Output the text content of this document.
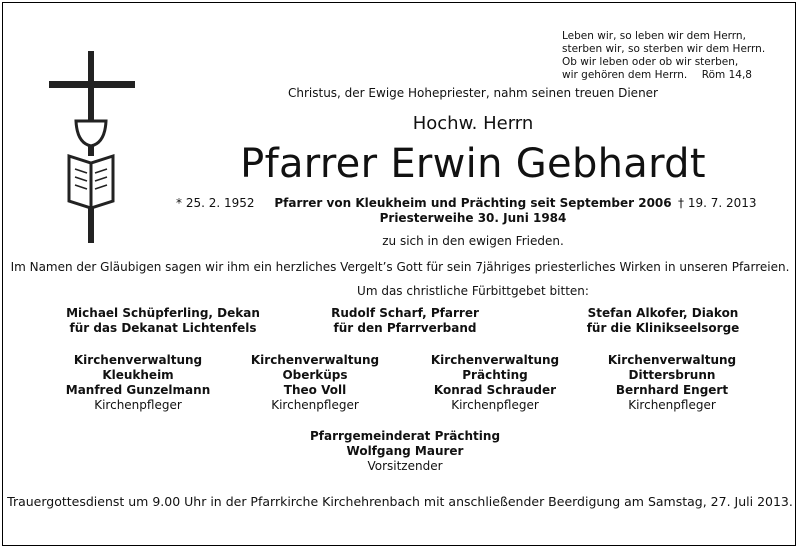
Leben wir, so leben wir dem Herrn,
sterben wir, so sterben wir dem Herrn.
Ob wir leben oder ob wir sterben,
wir gehören dem Herrn. Röm 14,8
Christus, der Ewige Hohepriester, nahm seinen treuen Diener
Hochw. Herrn
Pfarrer Erwin Gebhardt
* 25. 2. 1952	Pfarrer von Kleukheim und Prächting seit September 2006 † 19. 7. 2013
Priesterweihe 30. Juni 1984
zu sich in den ewigen Frieden.
Im Namen der Gläubigen sagen wir ihm ein herzliches Vergelt’s Gott für sein 7jähriges priesterliches Wirken in unseren Pfarreien.
Um das christliche Fürbittgebet bitten:
Michael Schüpferling, Dekan
für das Dekanat Lichtenfels
Rudolf Scharf, Pfarrer
für den Pfarrverband
Stefan Alkofer, Diakon
für die Klinikseelsorge
Kirchenverwaltung
Kleukheim
Manfred Gunzelmann
Kirchenpfleger
Kirchenverwaltung
Oberküps
Theo Voll
Kirchenpfleger
Kirchenverwaltung
Prächting
Konrad Schrauder
Kirchenpfleger
Kirchenverwaltung
Dittersbrunn
Bernhard Engert
Kirchenpfleger
Pfarrgemeinderat Prächting
Wolfgang Maurer
Vorsitzender
Trauergottesdienst um 9.00 Uhr in der Pfarrkirche Kirchehrenbach mit anschließender Beerdigung am Samstag, 27. Juli 2013.
